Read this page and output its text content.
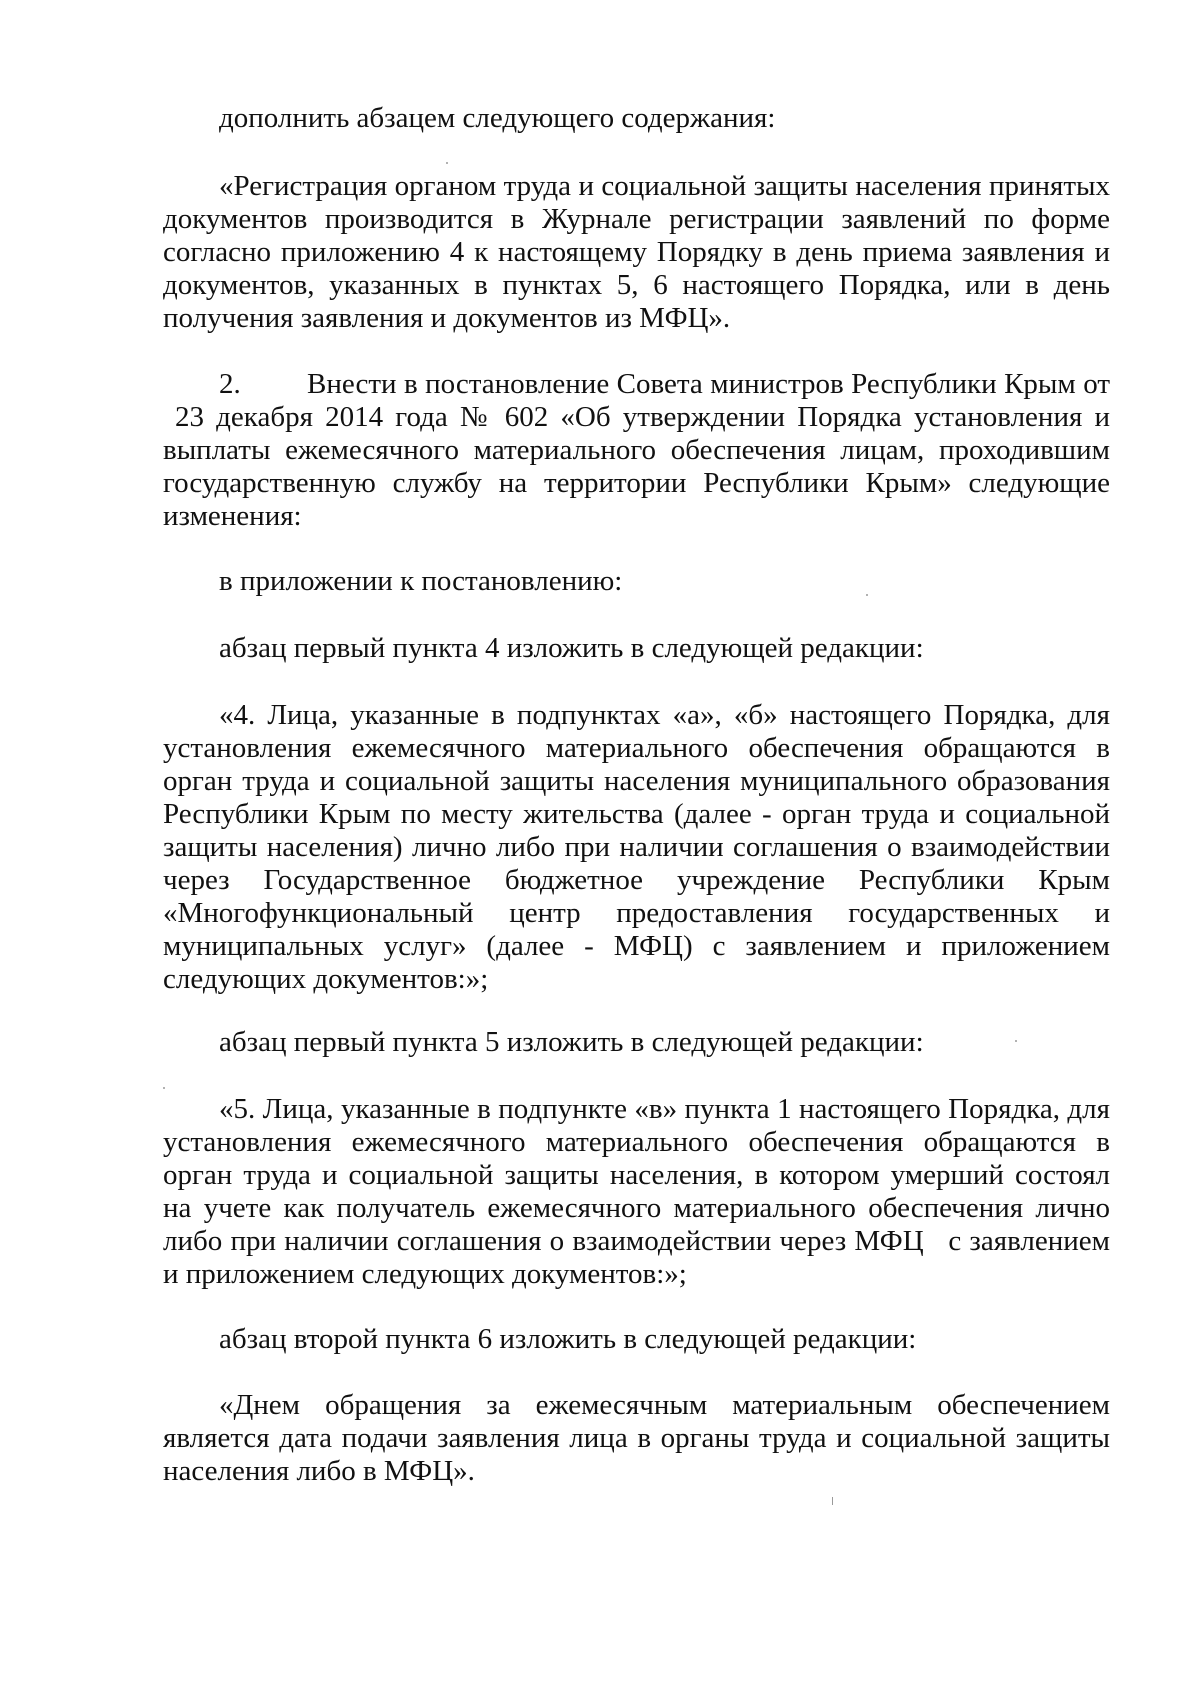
дополнить абзацем следующего содержания:

«Регистрация органом труда и социальной защиты населения принятых документов производится в Журнале регистрации заявлений по форме согласно приложению 4 к настоящему Порядку в день приема заявления и документов, указанных в пунктах 5, 6 настоящего Порядка, или в день получения заявления и документов из МФЦ».

2. Внести в постановление Совета министров Республики Крым от23 декабря 2014 года № 602 «Об утверждении Порядка установления и выплаты ежемесячного материального обеспечения лицам, проходившим государственную службу на территории Республики Крым» следующие изменения:

в приложении к постановлению:

абзац первый пункта 4 изложить в следующей редакции:

«4. Лица, указанные в подпунктах «а», «б» настоящего Порядка, для установления ежемесячного материального обеспечения обращаются в орган труда и социальной защиты населения муниципального образования Республики Крым по месту жительства (далее - орган труда и социальной защиты населения) лично либо при наличии соглашения о взаимодействии через Государственное бюджетное учреждение Республики Крым «Многофункциональный центр предоставления государственных и муниципальных услуг» (далее - МФЦ) с заявлением и приложением следующих документов:»;

абзац первый пункта 5 изложить в следующей редакции:

«5. Лица, указанные в подпункте «в» пункта 1 настоящего Порядка, для установления ежемесячного материального обеспечения обращаются в орган труда и социальной защиты населения, в котором умерший состоял на учете как получатель ежемесячного материального обеспечения лично либо при наличии соглашения о взаимодействии через МФЦ с заявлением и приложением следующих документов:»;

абзац второй пункта 6 изложить в следующей редакции:

«Днем обращения за ежемесячным материальным обеспечением является дата подачи заявления лица в органы труда и социальной защиты населения либо в МФЦ».
